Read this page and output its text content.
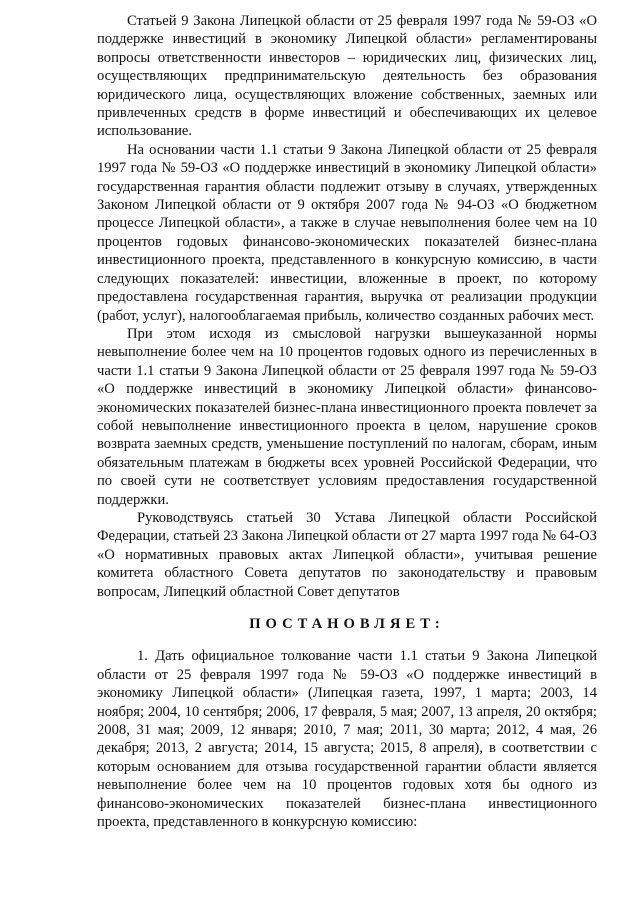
Статьей 9 Закона Липецкой области от 25 февраля 1997 года № 59-ОЗ «О поддержке инвестиций в экономику Липецкой области» регламентированы вопросы ответственности инвесторов – юридических лиц, физических лиц, осуществляющих предпринимательскую деятельность без образования юридического лица, осуществляющих вложение собственных, заемных или привлеченных средств в форме инвестиций и обеспечивающих их целевое использование.

На основании части 1.1 статьи 9 Закона Липецкой области от 25 февраля 1997 года № 59-ОЗ «О поддержке инвестиций в экономику Липецкой области» государственная гарантия области подлежит отзыву в случаях, утвержденных Законом Липецкой области от 9 октября 2007 года № 94-ОЗ «О бюджетном процессе Липецкой области», а также в случае невыполнения более чем на 10 процентов годовых финансово-экономических показателей бизнес-плана инвестиционного проекта, представленного в конкурсную комиссию, в части следующих показателей: инвестиции, вложенные в проект, по которому предоставлена государственная гарантия, выручка от реализации продукции (работ, услуг), налогооблагаемая прибыль, количество созданных рабочих мест.

При этом исходя из смысловой нагрузки вышеуказанной нормы невыполнение более чем на 10 процентов годовых одного из перечисленных в части 1.1 статьи 9 Закона Липецкой области от 25 февраля 1997 года № 59-ОЗ «О поддержке инвестиций в экономику Липецкой области» финансово-экономических показателей бизнес-плана инвестиционного проекта повлечет за собой невыполнение инвестиционного проекта в целом, нарушение сроков возврата заемных средств, уменьшение поступлений по налогам, сборам, иным обязательным платежам в бюджеты всех уровней Российской Федерации, что по своей сути не соответствует условиям предоставления государственной поддержки.

Руководствуясь статьей 30 Устава Липецкой области Российской Федерации, статьей 23 Закона Липецкой области от 27 марта 1997 года № 64-ОЗ «О нормативных правовых актах Липецкой области», учитывая решение комитета областного Совета депутатов по законодательству и правовым вопросам, Липецкий областной Совет депутатов

ПОСТАНОВЛЯЕТ:

1. Дать официальное толкование части 1.1 статьи 9 Закона Липецкой области от 25 февраля 1997 года № 59-ОЗ «О поддержке инвестиций в экономику Липецкой области» (Липецкая газета, 1997, 1 марта; 2003, 14 ноября; 2004, 10 сентября; 2006, 17 февраля, 5 мая; 2007, 13 апреля, 20 октября; 2008, 31 мая; 2009, 12 января; 2010, 7 мая; 2011, 30 марта; 2012, 4 мая, 26 декабря; 2013, 2 августа; 2014, 15 августа; 2015, 8 апреля), в соответствии с которым основанием для отзыва государственной гарантии области является невыполнение более чем на 10 процентов годовых хотя бы одного из финансово-экономических показателей бизнес-плана инвестиционного проекта, представленного в конкурсную комиссию:
